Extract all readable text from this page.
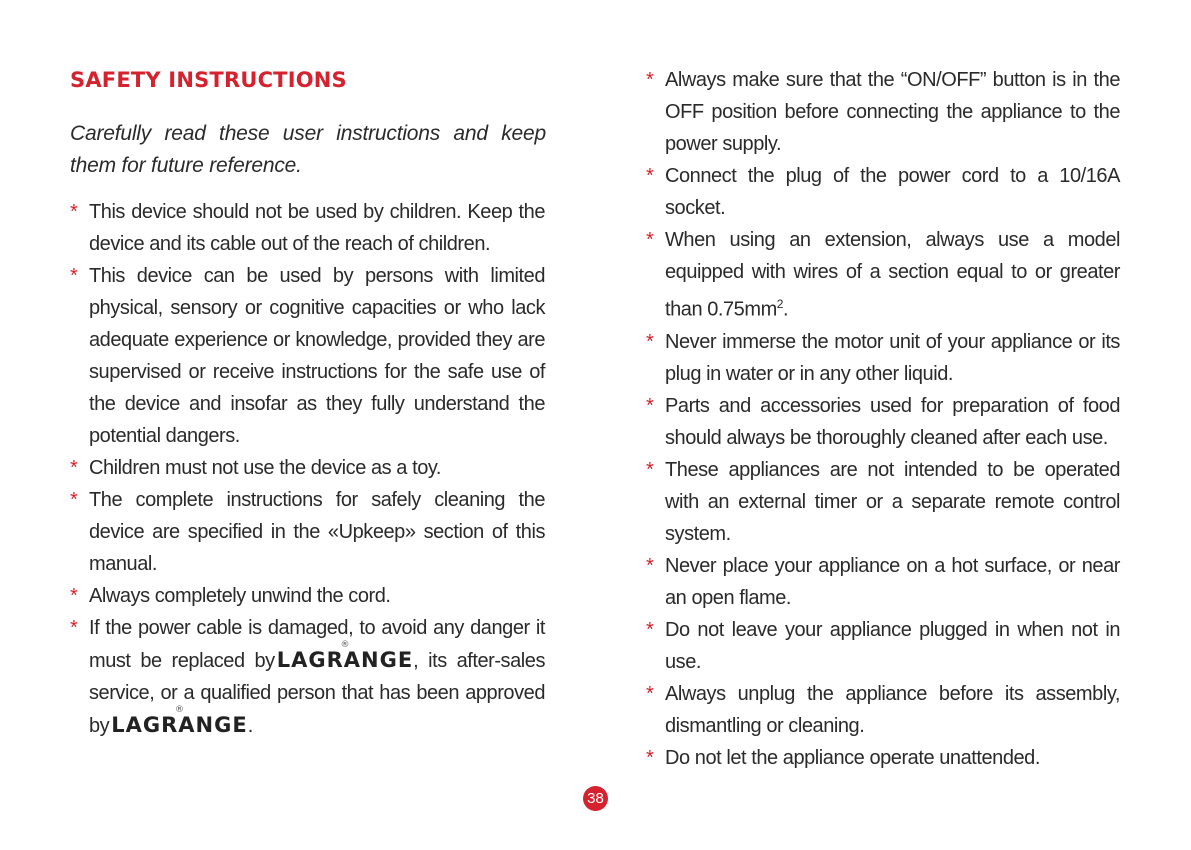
SAFETY INSTRUCTIONS

Carefully read these user instructions and keep them for future reference.

* This device should not be used by children. Keep the device and its cable out of the reach of children.
* This device can be used by persons with limited physical, sensory or cognitive capacities or who lack adequate experience or knowledge, provided they are supervised or receive instructions for the safe use of the device and insofar as they fully understand the potential dangers.
* Children must not use the device as a toy.
* The complete instructions for safely cleaning the device are specified in the «Upkeep» section of this manual.
* Always completely unwind the cord.
* If the power cable is damaged, to avoid any danger it must be replaced byLAGRANGE
®
, its after-sales service, or a qualified person that has been approved byLAGRANGE
®
.
* Always make sure that the “ON/OFF” button is in the OFF position before connecting the appliance to the power supply.
* Connect the plug of the power cord to a 10/16A socket.
* When using an extension, always use a model equipped with wires of a section equal to or greater than $0.75mm^2$.
* Never immerse the motor unit of your appliance or its plug in water or in any other liquid.
* Parts and accessories used for preparation of food should always be thoroughly cleaned after each use.
* These appliances are not intended to be operated with an external timer or a separate remote control system.
* Never place your appliance on a hot surface, or near an open flame.
* Do not leave your appliance plugged in when not in use.
* Always unplug the appliance before its assembly, dismantling or cleaning.
* Do not let the appliance operate unattended.
38
